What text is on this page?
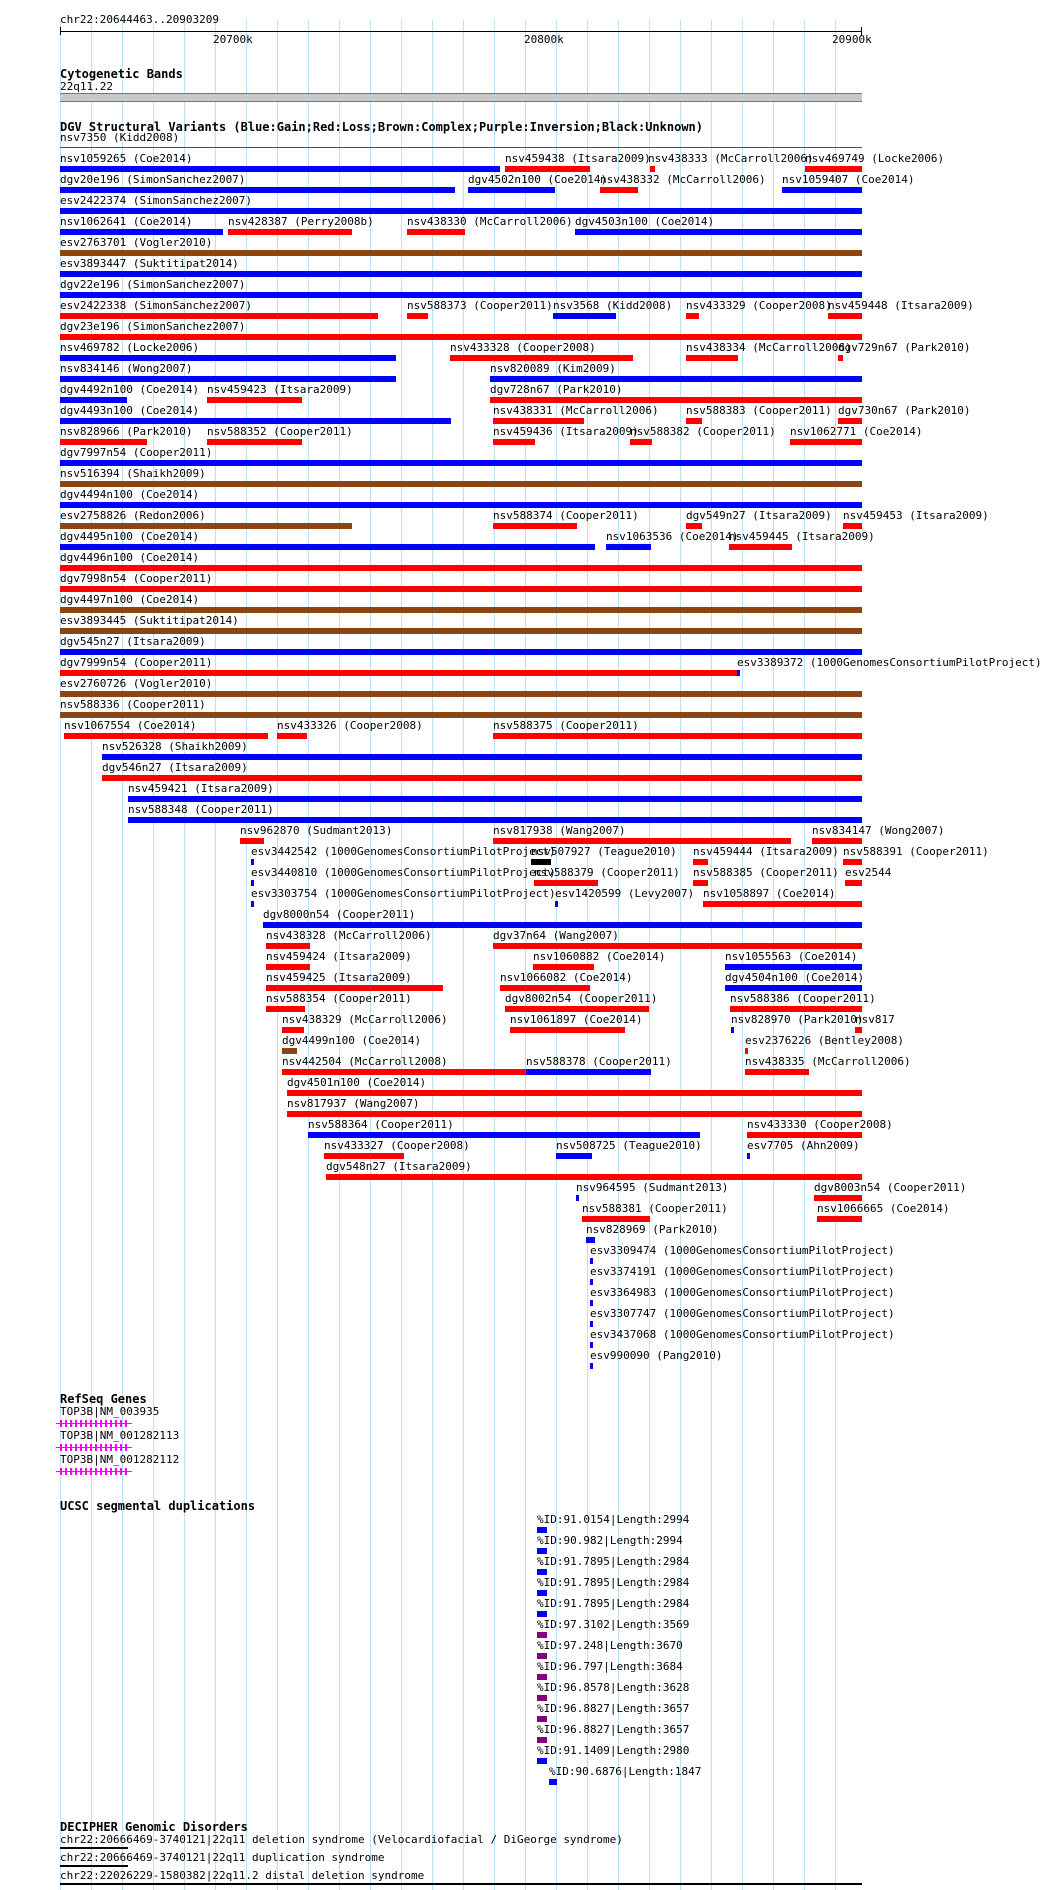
chr22:20644463..20903209
20700k	20800k	20900k
Cytogenetic Bands
22q11.22
DGV Structural Variants (Blue:Gain;Red:Loss;Brown:Complex;Purple:Inversion;Black:Unknown)
nsv7350 (Kidd2008)
nsv1059265 (Coe2014)	nsv459438 (Itsara2009)
nsv438333 (McCarroll2006)
nsv469749 (Locke2006)
dgv20e196 (SimonSanchez2007)	dgv4502n100 (Coe2014)
nsv438332 (McCarroll2006) nsv1059407 (Coe2014)
esv2422374 (SimonSanchez2007)
nsv1062641 (Coe2014)	nsv428387 (Perry2008b)	nsv438330 (McCarroll2006) dgv4503n100 (Coe2014)
esv2763701 (Vogler2010)
esv3893447 (Suktitipat2014)
dgv22e196 (SimonSanchez2007)
esv2422338 (SimonSanchez2007)	nsv588373 (Cooper2011) nsv3568 (Kidd2008) nsv433329 (Cooper2008)
nsv459448 (Itsara2009)
dgv23e196 (SimonSanchez2007)
nsv469782 (Locke2006)	nsv433328 (Cooper2008)	nsv438334 (McCarroll2006)
dgv729n67 (Park2010)
nsv834146 (Wong2007)	nsv820089 (Kim2009)
dgv4492n100 (Coe2014) nsv459423 (Itsara2009)	dgv728n67 (Park2010)
dgv4493n100 (Coe2014)	nsv438331 (McCarroll2006) nsv588383 (Cooper2011) dgv730n67 (Park2010)
nsv828966 (Park2010) nsv588352 (Cooper2011)	nsv459436 (Itsara2009)
nsv588382 (Cooper2011) nsv1062771 (Coe2014)
dgv7997n54 (Cooper2011)
nsv516394 (Shaikh2009)
dgv4494n100 (Coe2014)
esv2758826 (Redon2006)	nsv588374 (Cooper2011)	dgv549n27 (Itsara2009) nsv459453 (Itsara2009)
dgv4495n100 (Coe2014)	nsv1063536 (Coe2014)
nsv459445 (Itsara2009)
dgv4496n100 (Coe2014)
dgv7998n54 (Cooper2011)
dgv4497n100 (Coe2014)
esv3893445 (Suktitipat2014)
dgv545n27 (Itsara2009)
dgv7999n54 (Cooper2011)	esv3389372 (1000GenomesConsortiumPilotProject)
esv2760726 (Vogler2010)
nsv588336 (Cooper2011)
nsv1067554 (Coe2014)	nsv433326 (Cooper2008)	nsv588375 (Cooper2011)
nsv526328 (Shaikh2009)
dgv546n27 (Itsara2009)
nsv459421 (Itsara2009)
nsv588348 (Cooper2011)
nsv962870 (Sudmant2013)	nsv817938 (Wang2007)	nsv834147 (Wong2007)
esv3442542 (1000GenomesConsortiumPilotProject)
nsv507927 (Teague2010) nsv459444 (Itsara2009) nsv588391 (Cooper2011)
esv3440810 (1000GenomesConsortiumPilotProject)
nsv588379 (Cooper2011) nsv588385 (Cooper2011) esv2544
esv3303754 (1000GenomesConsortiumPilotProject) esv1420599 (Levy2007) nsv1058897 (Coe2014)
dgv8000n54 (Cooper2011)
nsv438328 (McCarroll2006)	dgv37n64 (Wang2007)
nsv459424 (Itsara2009)	nsv1060882 (Coe2014)	nsv1055563 (Coe2014)
nsv459425 (Itsara2009)	nsv1066082 (Coe2014)	dgv4504n100 (Coe2014)
nsv588354 (Cooper2011)	dgv8002n54 (Cooper2011)	nsv588386 (Cooper2011)
nsv438329 (McCarroll2006)	nsv1061897 (Coe2014)	nsv828970 (Park2010)
nsv817
dgv4499n100 (Coe2014)	esv2376226 (Bentley2008)
nsv442504 (McCarroll2008)	nsv588378 (Cooper2011)	nsv438335 (McCarroll2006)
dgv4501n100 (Coe2014)
nsv817937 (Wang2007)
nsv588364 (Cooper2011)	nsv433330 (Cooper2008)
nsv433327 (Cooper2008)	nsv508725 (Teague2010)	esv7705 (Ahn2009)
dgv548n27 (Itsara2009)
nsv964595 (Sudmant2013)	dgv8003n54 (Cooper2011)
nsv588381 (Cooper2011)	nsv1066665 (Coe2014)
nsv828969 (Park2010)
esv3309474 (1000GenomesConsortiumPilotProject)
esv3374191 (1000GenomesConsortiumPilotProject)
esv3364983 (1000GenomesConsortiumPilotProject)
esv3307747 (1000GenomesConsortiumPilotProject)
esv3437068 (1000GenomesConsortiumPilotProject)
esv990090 (Pang2010)
RefSeq Genes
TOP3B|NM_003935
TOP3B|NM_001282113
TOP3B|NM_001282112
UCSC segmental duplications
%ID:91.0154|Length:2994
%ID:90.982|Length:2994
%ID:91.7895|Length:2984
%ID:91.7895|Length:2984
%ID:91.7895|Length:2984
%ID:97.3102|Length:3569
%ID:97.248|Length:3670
%ID:96.797|Length:3684
%ID:96.8578|Length:3628
%ID:96.8827|Length:3657
%ID:96.8827|Length:3657
%ID:91.1409|Length:2980
%ID:90.6876|Length:1847
DECIPHER Genomic Disorders
chr22:20666469-3740121|22q11 deletion syndrome (Velocardiofacial / DiGeorge syndrome)
chr22:20666469-3740121|22q11 duplication syndrome
chr22:22026229-1580382|22q11.2 distal deletion syndrome
